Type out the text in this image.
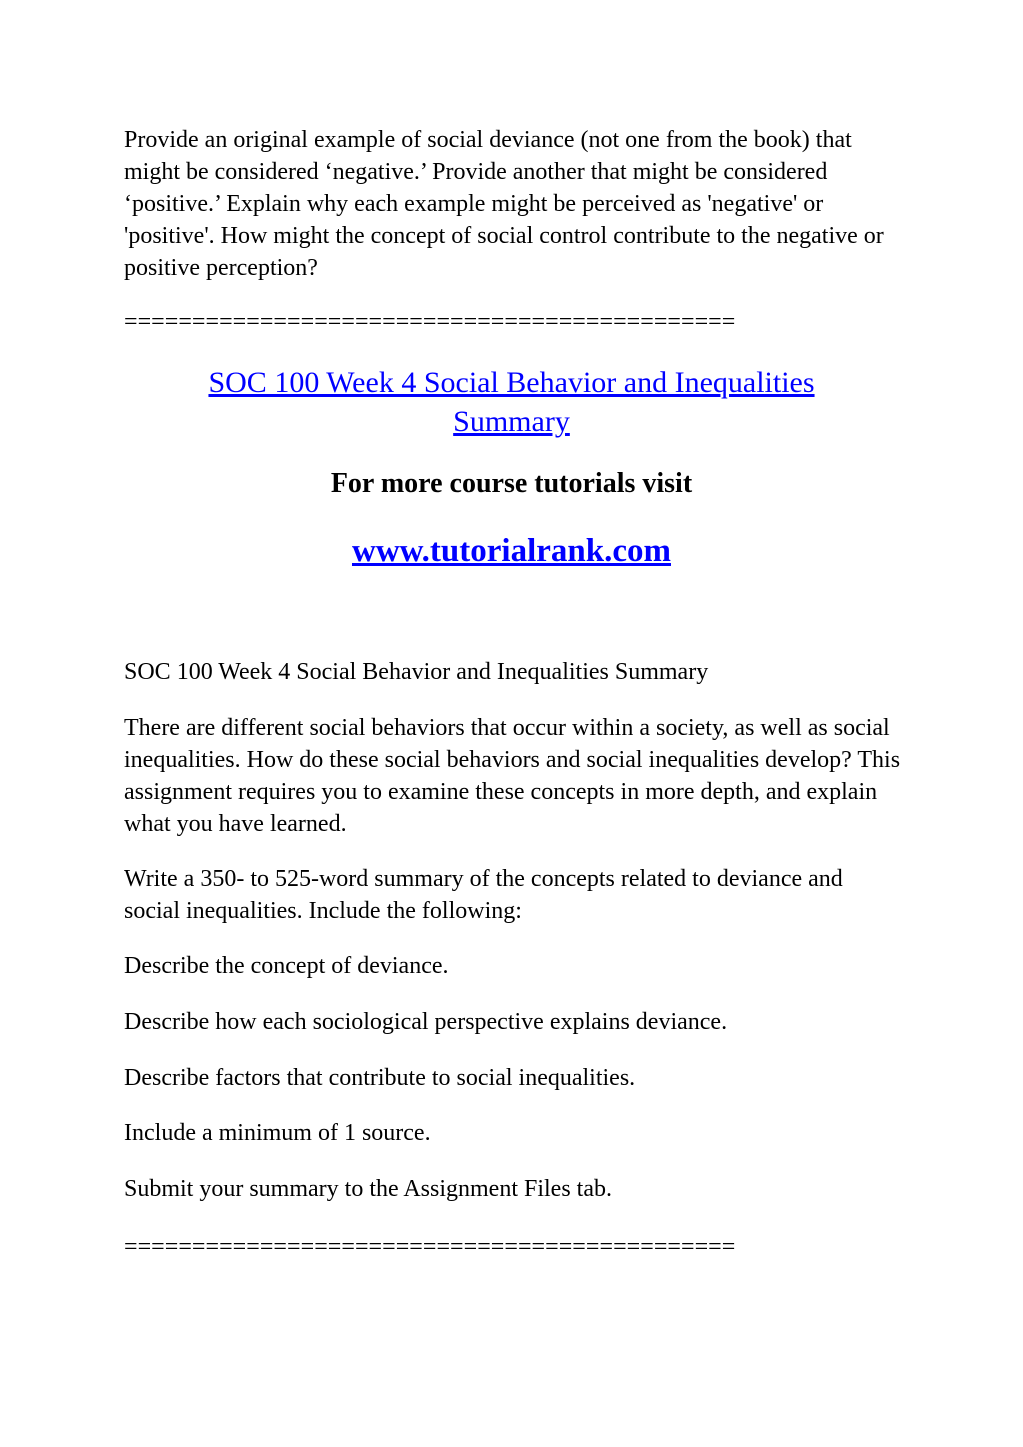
Provide an original example of social deviance (not one from the book) that might be considered ‘negative.’ Provide another that might be considered ‘positive.’ Explain why each example might be perceived as 'negative' or 'positive'. How might the concept of social control contribute to the negative or positive perception?

=============================================

SOC 100 Week 4 Social Behavior and Inequalities
Summary

For more course tutorials visit

www.tutorialrank.com

SOC 100 Week 4 Social Behavior and Inequalities Summary

There are different social behaviors that occur within a society, as well as social inequalities. How do these social behaviors and social inequalities develop? This assignment requires you to examine these concepts in more depth, and explain what you have learned.

Write a 350- to 525-word summary of the concepts related to deviance and social inequalities. Include the following:

Describe the concept of deviance.

Describe how each sociological perspective explains deviance.

Describe factors that contribute to social inequalities.

Include a minimum of 1 source.

Submit your summary to the Assignment Files tab.

=============================================
